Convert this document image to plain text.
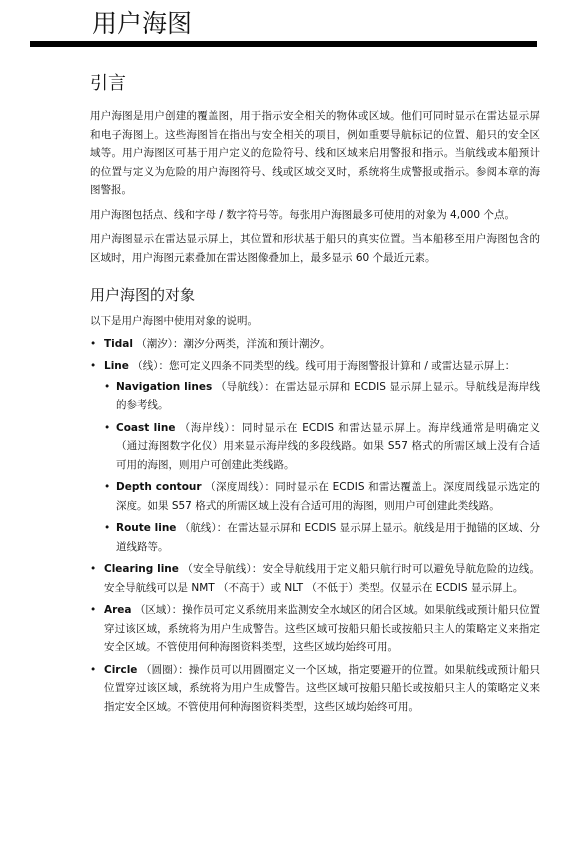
用户海图
引言

用户海图是用户创建的覆盖图，用于指示安全相关的物体或区域。他们可同时显示在雷达显示屏和电子海图上。这些海图旨在指出与安全相关的项目，例如重要导航标记的位置、船只的安全区域等。用户海图区可基于用户定义的危险符号、线和区域来启用警报和指示。当航线或本船预计的位置与定义为危险的用户海图符号、线或区域交叉时，系统将生成警报或指示。参阅本章的海图警报。

用户海图包括点、线和字母 / 数字符号等。每张用户海图最多可使用的对象为 4,000 个点。

用户海图显示在雷达显示屏上，其位置和形状基于船只的真实位置。当本船移至用户海图包含的区域时，用户海图元素叠加在雷达图像叠加上，最多显示 60 个最近元素。

用户海图的对象

以下是用户海图中使用对象的说明。

• Tidal （潮汐）：潮汐分两类，洋流和预计潮汐。
• Line （线）：您可定义四条不同类型的线。线可用于海图警报计算和 / 或雷达显示屏上：
• Navigation lines （导航线）：在雷达显示屏和 ECDIS 显示屏上显示。导航线是海岸线的参考线。
• Coast line （海岸线）：同时显示在 ECDIS 和雷达显示屏上。海岸线通常是明确定义 （通过海图数字化仪）用来显示海岸线的多段线路。如果 S57 格式的所需区域上没有合适可用的海图，则用户可创建此类线路。
• Depth contour （深度周线）：同时显示在 ECDIS 和雷达覆盖上。深度周线显示选定的深度。如果 S57 格式的所需区域上没有合适可用的海图，则用户可创建此类线路。
• Route line （航线）：在雷达显示屏和 ECDIS 显示屏上显示。航线是用于抛锚的区域、分道线路等。
• Clearing line （安全导航线）：安全导航线用于定义船只航行时可以避免导航危险的边线。安全导航线可以是 NMT （不高于）或 NLT （不低于）类型。仅显示在 ECDIS 显示屏上。
• Area （区域）：操作员可定义系统用来监测安全水域区的闭合区域。如果航线或预计船只位置穿过该区域，系统将为用户生成警告。这些区域可按船只船长或按船只主人的策略定义来指定安全区域。不管使用何种海图资料类型，这些区域均始终可用。
• Circle （圆圈）：操作员可以用圆圈定义一个区域，指定要避开的位置。如果航线或预计船只位置穿过该区域，系统将为用户生成警告。这些区域可按船只船长或按船只主人的策略定义来指定安全区域。不管使用何种海图资料类型，这些区域均始终可用。
